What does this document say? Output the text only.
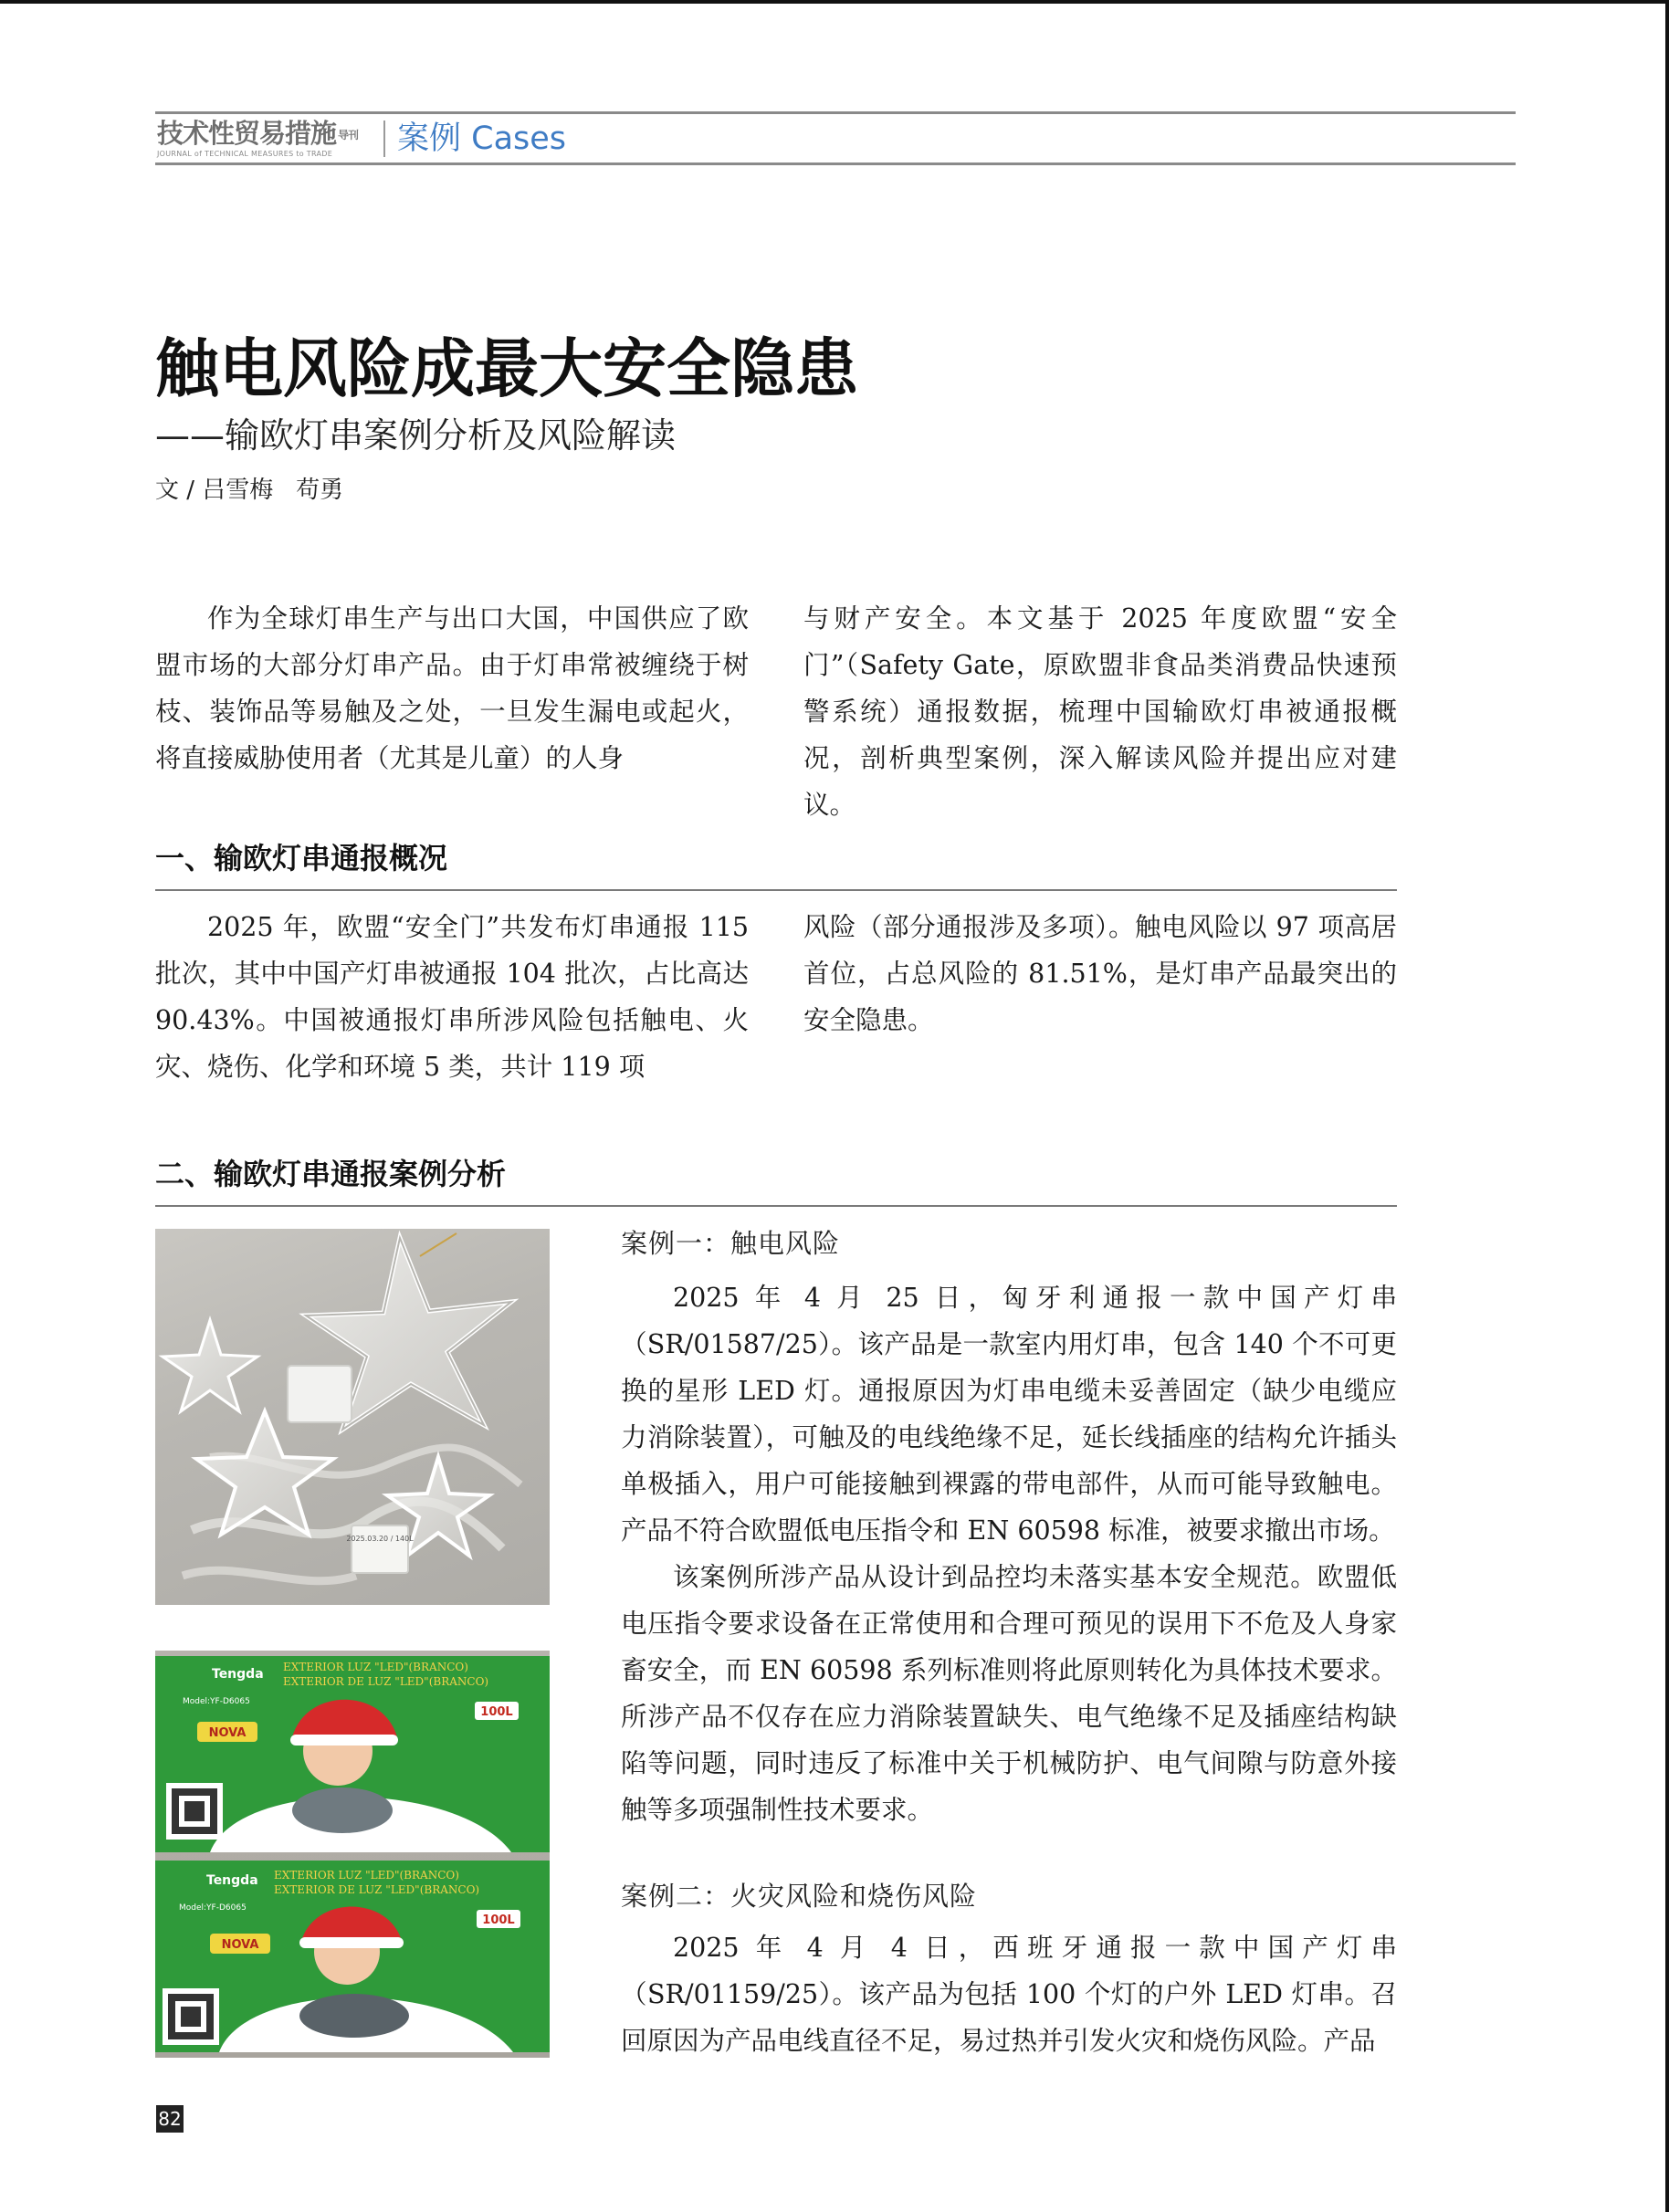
技术性贸易措施 导刊
JOURNAL of TECHNICAL MEASURES to TRADE	案例 Cases
触电风险成最大安全隐患
——输欧灯串案例分析及风险解读
文 / 吕雪梅   苟勇

作为全球灯串生产与出口大国，中国供应了欧盟市场的大部分灯串产品。由于灯串常被缠绕于树枝、装饰品等易触及之处，一旦发生漏电或起火，将直接威胁使用者（尤其是儿童）的人身

与财产安全。本文基于 2025 年度欧盟“安全门”（Safety Gate，原欧盟非食品类消费品快速预警系统）通报数据，梳理中国输欧灯串被通报概况，剖析典型案例，深入解读风险并提出应对建议。

一、输欧灯串通报概况

2025 年，欧盟“安全门”共发布灯串通报 115 批次，其中中国产灯串被通报 104 批次，占比高达 90.43%。中国被通报灯串所涉风险包括触电、火灾、烧伤、化学和环境 5 类，共计 119 项

风险（部分通报涉及多项）。触电风险以 97 项高居首位，占总风险的 81.51%，是灯串产品最突出的安全隐患。

二、输欧灯串通报案例分析
2025.03.20 / 140L
NOVA
Tengda EXTERIOR LUZ "LED"(BRANCO)
EXTERIOR DE LUZ "LED"(BRANCO)
Model:YF-D6065
100L
NOVA
Tengda EXTERIOR LUZ "LED"(BRANCO)
EXTERIOR DE LUZ "LED"(BRANCO)
Model:YF-D6065
100L
案例一：触电风险

2025 年 4 月 25 日，匈牙利通报一款中国产灯串（SR/01587/25）。该产品是一款室内用灯串，包含 140 个不可更换的星形 LED 灯。通报原因为灯串电缆未妥善固定（缺少电缆应力消除装置），可触及的电线绝缘不足，延长线插座的结构允许插头单极插入，用户可能接触到裸露的带电部件，从而可能导致触电。产品不符合欧盟低电压指令和 EN 60598 标准，被要求撤出市场。

该案例所涉产品从设计到品控均未落实基本安全规范。欧盟低电压指令要求设备在正常使用和合理可预见的误用下不危及人身家畜安全，而 EN 60598 系列标准则将此原则转化为具体技术要求。所涉产品不仅存在应力消除装置缺失、电气绝缘不足及插座结构缺陷等问题，同时违反了标准中关于机械防护、电气间隙与防意外接触等多项强制性技术要求。

案例二：火灾风险和烧伤风险

2025 年 4 月 4 日，西班牙通报一款中国产灯串（SR/01159/25）。该产品为包括 100 个灯的户外 LED 灯串。召回原因为产品电线直径不足，易过热并引发火灾和烧伤风险。产品

82
